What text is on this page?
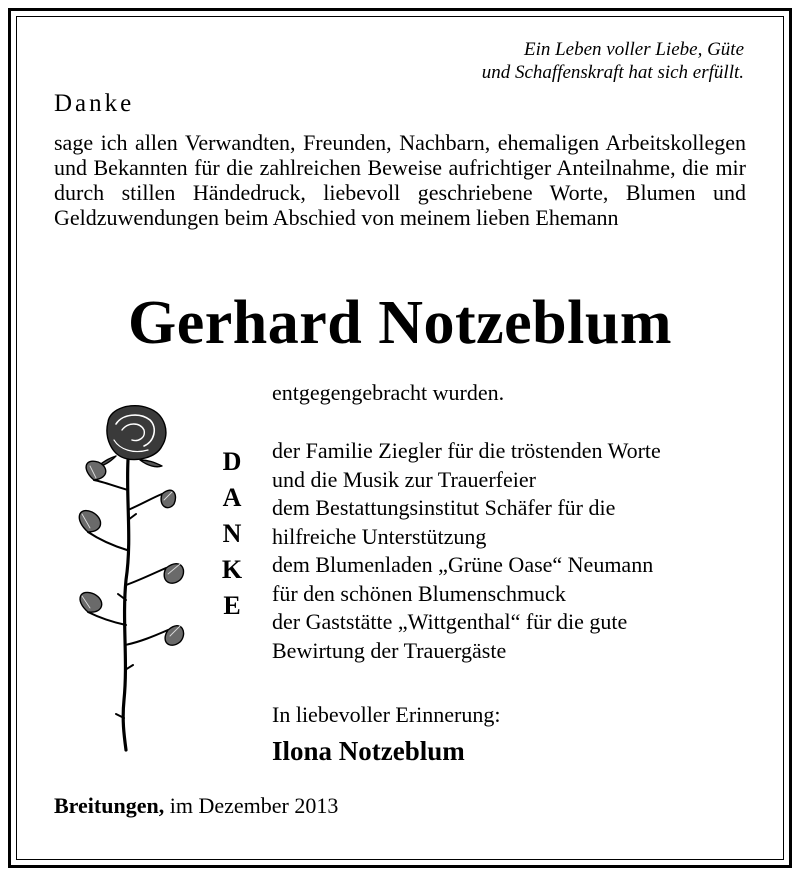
Ein Leben voller Liebe, Güte
und Schaffenskraft hat sich erfüllt.
Danke
sage ich allen Verwandten, Freunden, Nachbarn, ehemaligen Arbeitskollegen und Bekannten für die zahlreichen Beweise aufrichtiger Anteilnahme, die mir durch stillen Händedruck, liebevoll geschriebene Worte, Blumen und Geldzuwendungen beim Abschied von meinem lieben Ehemann
Gerhard Notzeblum
entgegengebracht wurden.
D
A
N
K
E
der Familie Ziegler für die tröstenden Worte
und die Musik zur Trauerfeier
dem Bestattungsinstitut Schäfer für die
hilfreiche Unterstützung
dem Blumenladen „Grüne Oase“ Neumann
für den schönen Blumenschmuck
der Gaststätte „Wittgenthal“ für die gute
Bewirtung der Trauergäste
In liebevoller Erinnerung:
Ilona Notzeblum
Breitungen, im Dezember 2013
